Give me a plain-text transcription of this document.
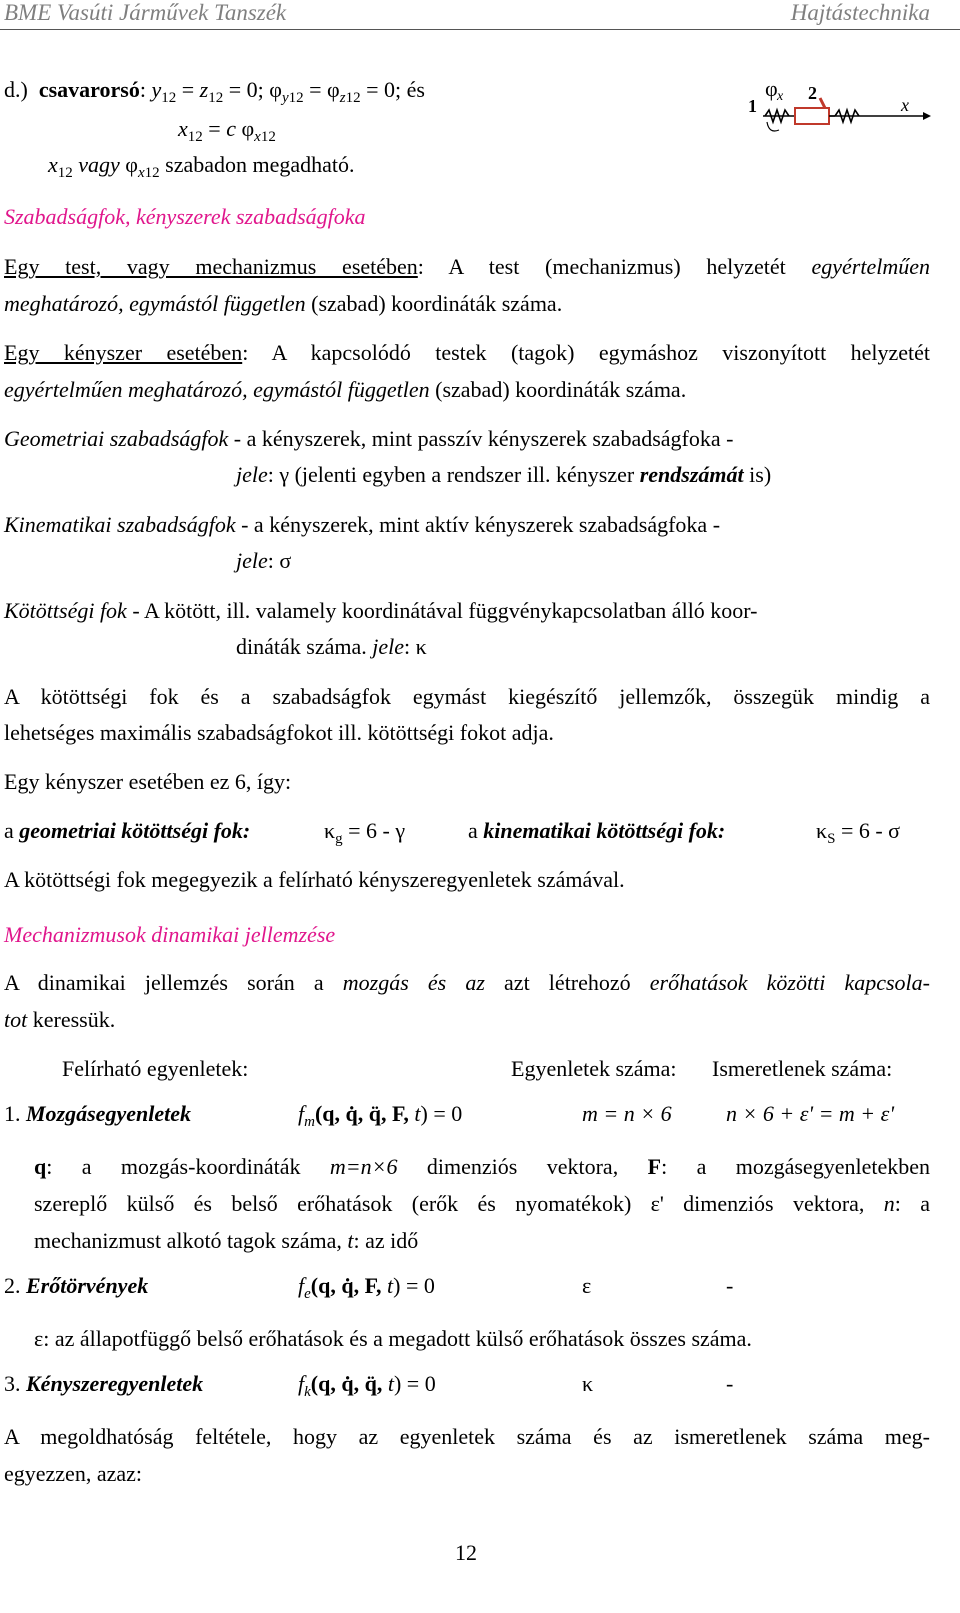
BME Vasúti Járművek Tanszék	Hajtástechnika
d.) csavarorsó: $y_{12} = z_{12} = 0$; $\varphi_{y12} = \varphi_{z12} = 0$; és
$x_{12} = c$ $\varphi_{x12}$
$x_{12}$ vagy $\varphi_{x12}$ szabadon megadható.
1
φ x 2
x
Szabadságfok, kényszerek szabadságfoka
Egy test, vagy mechanizmus esetében: A test (mechanizmus) helyzetét egyértelműen
meghatározó, egymástól független (szabad) koordináták száma.
Egy kényszer esetében: A kapcsolódó testek (tagok) egymáshoz viszonyított helyzetét
egyértelműen meghatározó, egymástól független (szabad) koordináták száma.
Geometriai szabadságfok - a kényszerek, mint passzív kényszerek szabadságfoka -
jele: γ (jelenti egyben a rendszer ill. kényszer rendszámát is)
Kinematikai szabadságfok - a kényszerek, mint aktív kényszerek szabadságfoka -
jele: σ
Kötöttségi fok - A kötött, ill. valamely koordinátával függvénykapcsolatban álló koor-
dináták száma. jele: κ
A kötöttségi fok és a szabadságfok egymást kiegészítő jellemzők, összegük mindig a
lehetséges maximális szabadságfokot ill. kötöttségi fokot adja.
Egy kényszer esetében ez 6, így:
a geometriai kötöttségi fok:	$\kappa_g = 6 - \gamma$	a kinematikai kötöttségi fok:	$\kappa_S = 6 - \sigma$
A kötöttségi fok megegyezik a felírható kényszeregyenletek számával.
Mechanizmusok dinamikai jellemzése
A dinamikai jellemzés során a mozgás és az azt létrehozó erőhatások közötti kapcsola-
tot keressük.
Felírható egyenletek:	Egyenletek száma: Ismeretlenek száma:
1. Mozgásegyenletek	$f_m(q$, q̇, q̈, F, t) = 0	m = n × 6 n × 6 + ε' = m + ε'
q: a mozgás-koordináták m=n×6 dimenziós vektora, F: a mozgásegyenletekben
szereplő külső és belső erőhatások (erők és nyomatékok) ε' dimenziós vektora, n: a
mechanizmust alkotó tagok száma, t: az idő
2. Erőtörvények	$f_e(q$, q̇, F, t) = 0	ε	-
ε: az állapotfüggő belső erőhatások és a megadott külső erőhatások összes száma.
3. Kényszeregyenletek	$f_k(q$, q̇, q̈, t) = 0	κ	-
A megoldhatóság feltétele, hogy az egyenletek száma és az ismeretlenek száma meg-
egyezzen, azaz:
12
